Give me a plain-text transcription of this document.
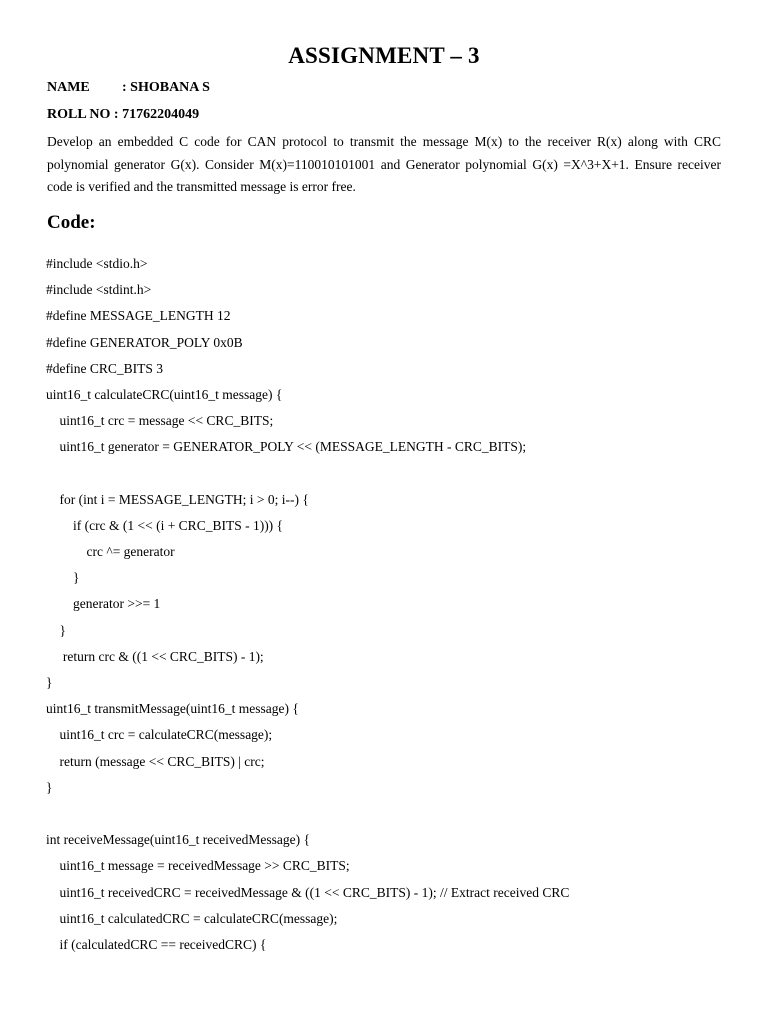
ASSIGNMENT – 3
NAME : SHOBANA S
ROLL NO : 71762204049

Develop an embedded C code for CAN protocol to transmit the message M(x) to the receiver R(x) along with CRC polynomial generator G(x). Consider M(x)=110010101001 and Generator polynomial G(x) =X^3+X+1. Ensure receiver code is verified and the transmitted message is error free.

Code:
#include <stdio.h>
#include <stdint.h>
#define MESSAGE_LENGTH 12
#define GENERATOR_POLY 0x0B
#define CRC_BITS 3
uint16_t calculateCRC(uint16_t message) {
uint16_t crc = message << CRC_BITS;
uint16_t generator = GENERATOR_POLY << (MESSAGE_LENGTH - CRC_BITS);
for (int i = MESSAGE_LENGTH; i > 0; i--) {
if (crc & (1 << (i + CRC_BITS - 1))) {
crc ^= generator
}
generator >>= 1
}
return crc & ((1 << CRC_BITS) - 1);
}
uint16_t transmitMessage(uint16_t message) {
uint16_t crc = calculateCRC(message);
return (message << CRC_BITS) | crc;
}
int receiveMessage(uint16_t receivedMessage) {
uint16_t message = receivedMessage >> CRC_BITS;
uint16_t receivedCRC = receivedMessage & ((1 << CRC_BITS) - 1); // Extract received CRC
uint16_t calculatedCRC = calculateCRC(message);
if (calculatedCRC == receivedCRC) {
